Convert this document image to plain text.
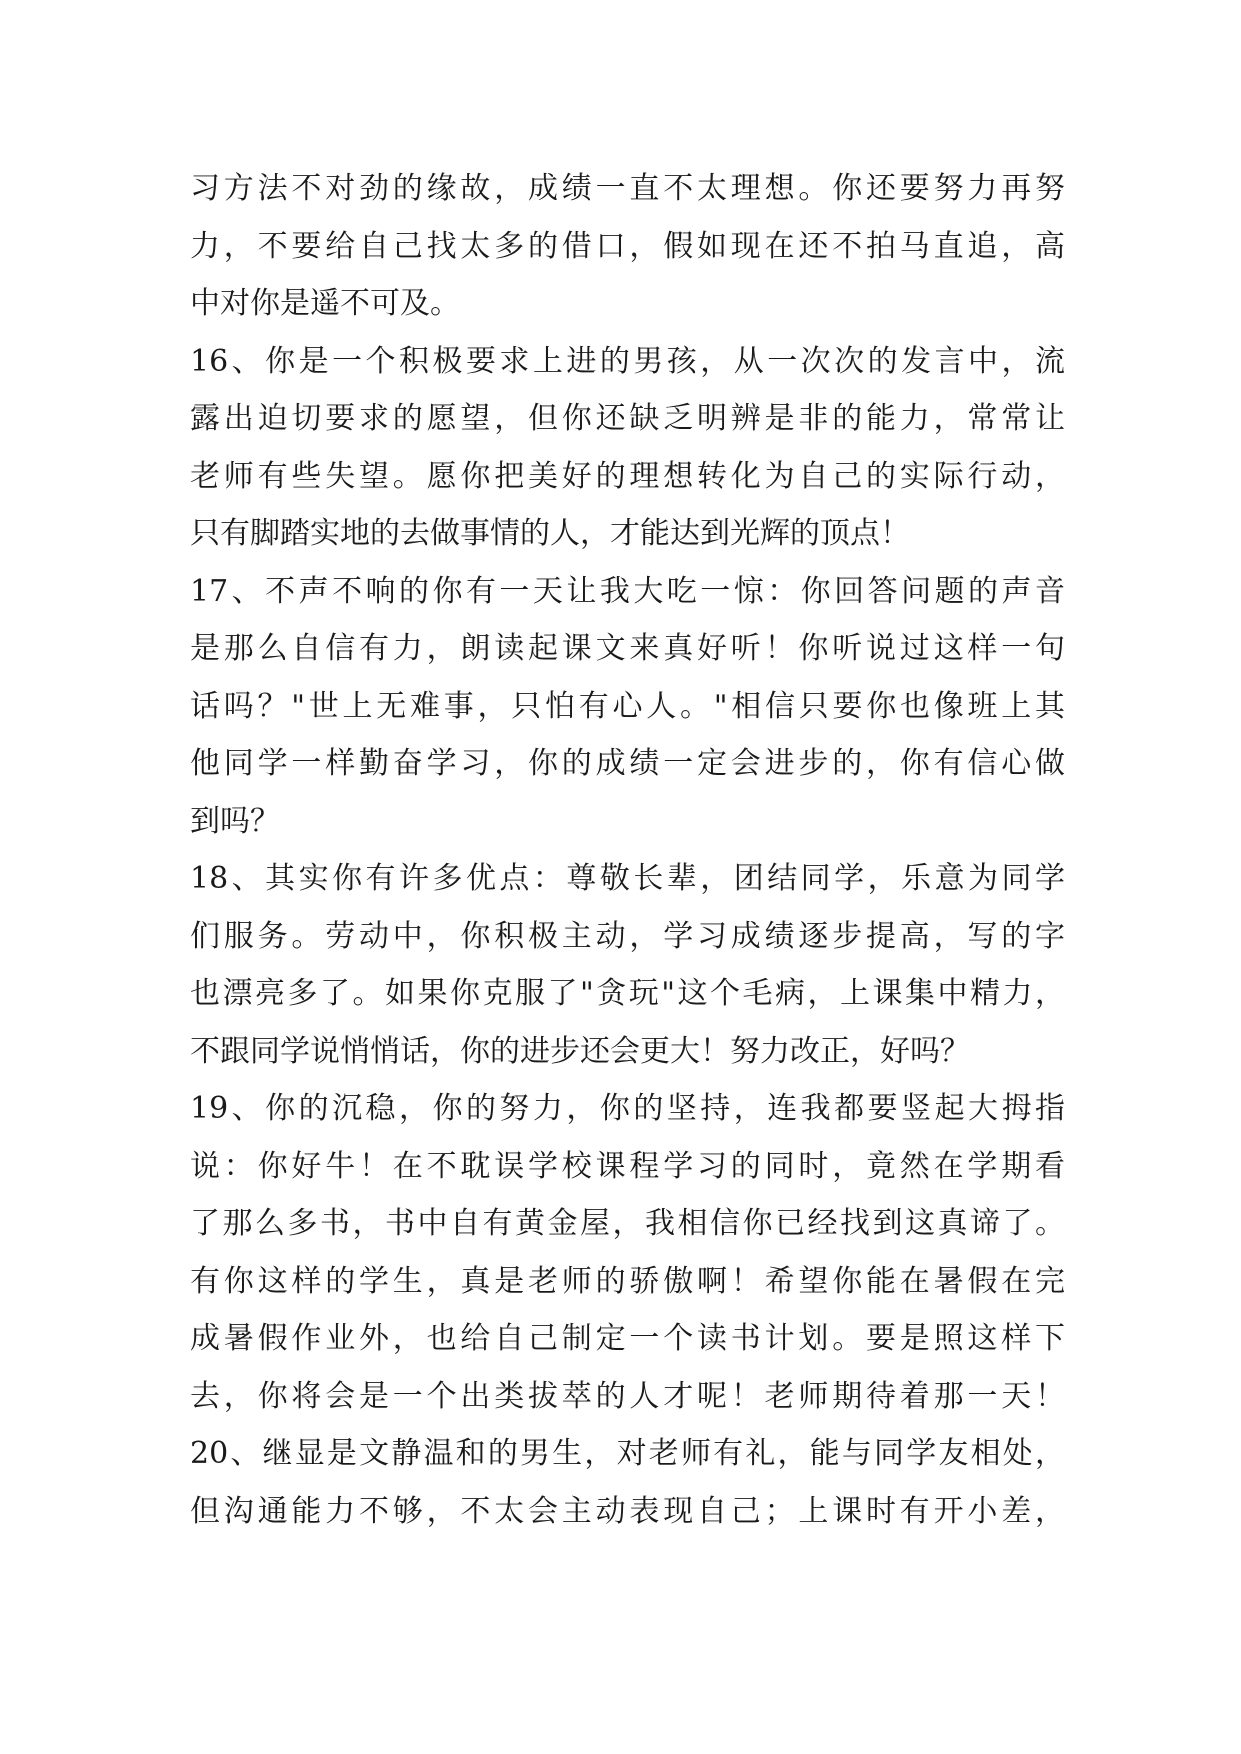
习方法不对劲的缘故，成绩一直不太理想。你还要努力再努
力，不要给自己找太多的借口，假如现在还不拍马直追，高
中对你是遥不可及。
16、你是一个积极要求上进的男孩，从一次次的发言中，流
露出迫切要求的愿望，但你还缺乏明辨是非的能力，常常让
老师有些失望。愿你把美好的理想转化为自己的实际行动，
只有脚踏实地的去做事情的人，才能达到光辉的顶点！
17、不声不响的你有一天让我大吃一惊：你回答问题的声音
是那么自信有力，朗读起课文来真好听！你听说过这样一句
话吗？"世上无难事，只怕有心人。"相信只要你也像班上其
他同学一样勤奋学习，你的成绩一定会进步的，你有信心做
到吗？
18、其实你有许多优点：尊敬长辈，团结同学，乐意为同学
们服务。劳动中，你积极主动，学习成绩逐步提高，写的字
也漂亮多了。如果你克服了"贪玩"这个毛病，上课集中精力，
不跟同学说悄悄话，你的进步还会更大！努力改正，好吗？
19、你的沉稳，你的努力，你的坚持，连我都要竖起大拇指
说：你好牛！在不耽误学校课程学习的同时，竟然在学期看
了那么多书，书中自有黄金屋，我相信你已经找到这真谛了。
有你这样的学生，真是老师的骄傲啊！希望你能在暑假在完
成暑假作业外，也给自己制定一个读书计划。要是照这样下
去，你将会是一个出类拔萃的人才呢！老师期待着那一天！
20、继显是文静温和的男生，对老师有礼，能与同学友相处，
但沟通能力不够，不太会主动表现自己；上课时有开小差，
